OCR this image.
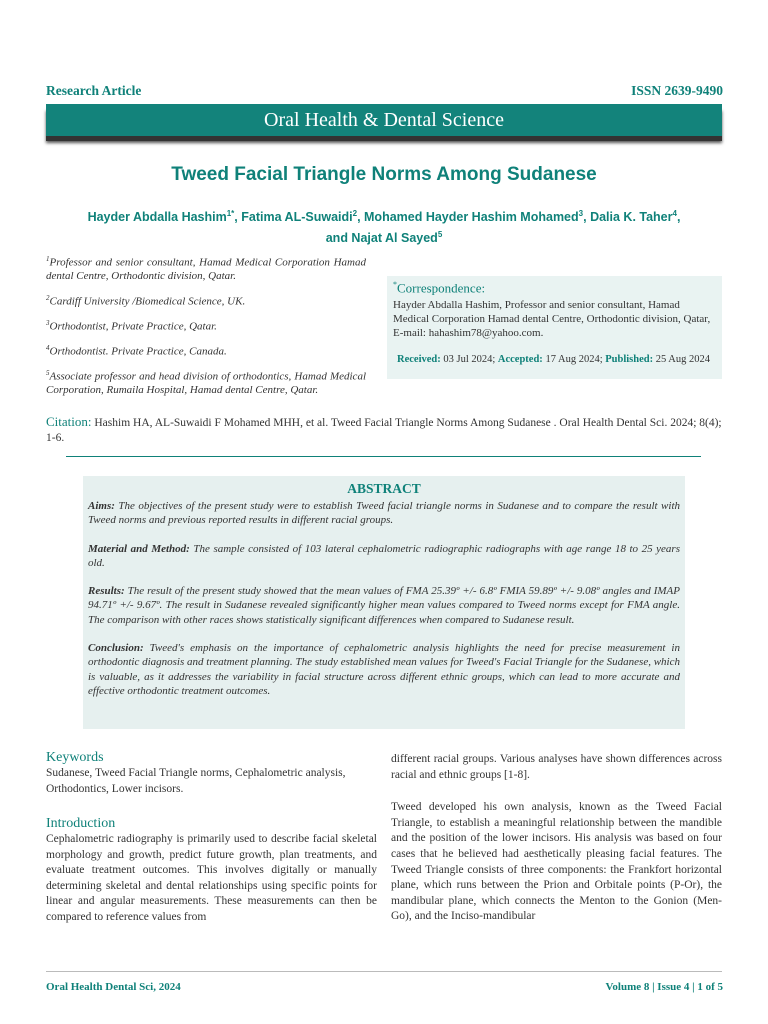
Research Article	ISSN 2639-9490
Oral Health & Dental Science
Tweed Facial Triangle Norms Among Sudanese
Hayder Abdalla Hashim$^{1*}$, Fatima AL-Suwaidi$^2$, Mohamed Hayder Hashim Mohamed$^3$, Dalia K. Taher$^4$,
and Najat Al Sayed$^5$

$^1$Professor and senior consultant, Hamad Medical Corporation Hamad dental Centre, Orthodontic division, Qatar.

$^2$Cardiff University /Biomedical Science, UK.

$^3$Orthodontist, Private Practice, Qatar.

$^4$Orthodontist. Private Practice, Canada.

$^5$Associate professor and head division of orthodontics, Hamad Medical Corporation, Rumaila Hospital, Hamad dental Centre, Qatar.

*Correspondence:
Hayder Abdalla Hashim, Professor and senior consultant, Hamad Medical Corporation Hamad dental Centre, Orthodontic division, Qatar, E-mail: hahashim78@yahoo.com.
Received: 03 Jul 2024; Accepted: 17 Aug 2024; Published: 25 Aug 2024
Citation: Hashim HA, AL-Suwaidi F Mohamed MHH, et al. Tweed Facial Triangle Norms Among Sudanese . Oral Health Dental Sci. 2024; 8(4); 1-6.
ABSTRACT

Aims: The objectives of the present study were to establish Tweed facial triangle norms in Sudanese and to compare the result with Tweed norms and previous reported results in different racial groups.

Material and Method: The sample consisted of 103 lateral cephalometric radiographic radiographs with age range 18 to 25 years old.

Results: The result of the present study showed that the mean values of FMA 25.39º +/- 6.8º FMIA 59.89º +/- 9.08º angles and IMAP 94.71º +/- 9.67º. The result in Sudanese revealed significantly higher mean values compared to Tweed norms except for FMA angle. The comparison with other races shows statistically significant differences when compared to Sudanese result.

Conclusion: Tweed's emphasis on the importance of cephalometric analysis highlights the need for precise measurement in orthodontic diagnosis and treatment planning. The study established mean values for Tweed's Facial Triangle for the Sudanese, which is valuable, as it addresses the variability in facial structure across different ethnic groups, which can lead to more accurate and effective orthodontic treatment outcomes.

Keywords
Sudanese, Tweed Facial Triangle norms, Cephalometric analysis, Orthodontics, Lower incisors.
Introduction
Cephalometric radiography is primarily used to describe facial skeletal morphology and growth, predict future growth, plan treatments, and evaluate treatment outcomes. This involves digitally or manually determining skeletal and dental relationships using specific points for linear and angular measurements. These measurements can then be compared to reference values from
different racial groups. Various analyses have shown differences across racial and ethnic groups [1-8].
Tweed developed his own analysis, known as the Tweed Facial Triangle, to establish a meaningful relationship between the mandible and the position of the lower incisors. His analysis was based on four cases that he believed had aesthetically pleasing facial features. The Tweed Triangle consists of three components: the Frankfort horizontal plane, which runs between the Prion and Orbitale points (P-Or), the mandibular plane, which connects the Menton to the Gonion (Men-Go), and the Inciso-mandibular
Oral Health Dental Sci, 2024	Volume 8 | Issue 4 | 1 of 5
